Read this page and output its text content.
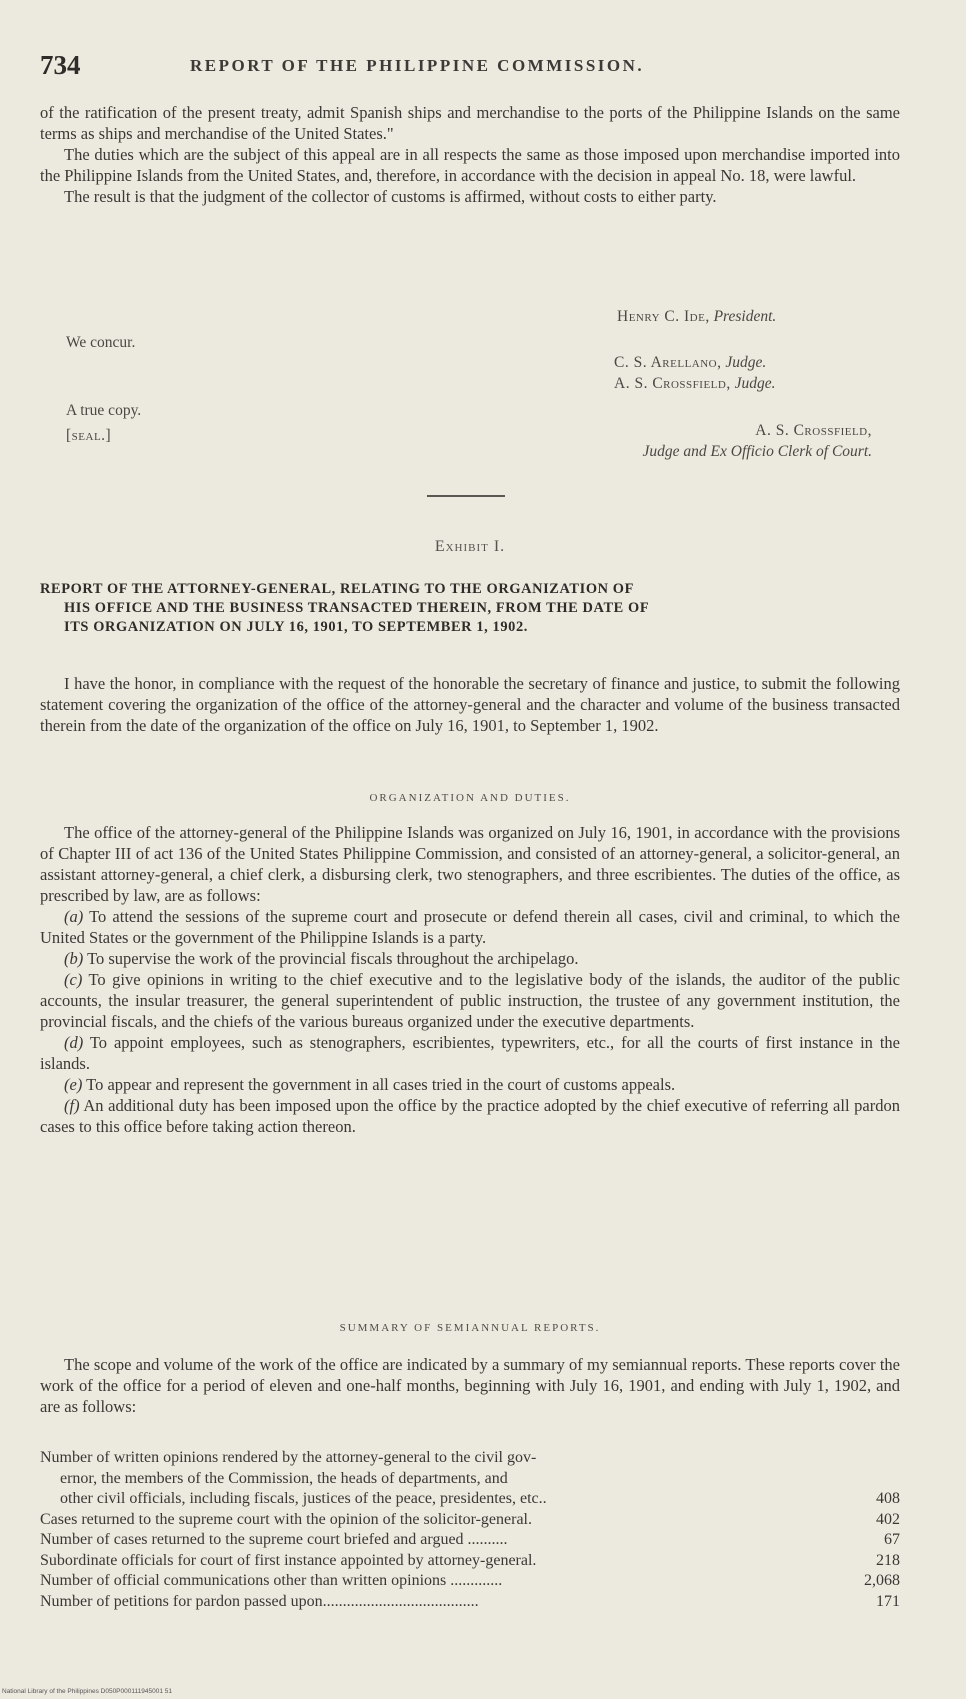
734	REPORT OF THE PHILIPPINE COMMISSION.

of the ratification of the present treaty, admit Spanish ships and merchandise to the ports of the Philippine Islands on the same terms as ships and merchandise of the United States."

The duties which are the subject of this appeal are in all respects the same as those imposed upon merchandise imported into the Philippine Islands from the United States, and, therefore, in accordance with the decision in appeal No. 18, were lawful.

The result is that the judgment of the collector of customs is affirmed, without costs to either party.

Henry C. Ide, President.
We concur.
C. S. Arellano, Judge.
A. S. Crossfield, Judge.
A true copy.
[seal.]	A. S. Crossfield,
Judge and Ex Officio Clerk of Court.
Exhibit I.
REPORT OF THE ATTORNEY-GENERAL, RELATING TO THE ORGANIZATION OF
HIS OFFICE AND THE BUSINESS TRANSACTED THEREIN, FROM THE DATE OF
ITS ORGANIZATION ON JULY 16, 1901, TO SEPTEMBER 1, 1902.

I have the honor, in compliance with the request of the honorable the secretary of finance and justice, to submit the following statement covering the organization of the office of the attorney-general and the character and volume of the business transacted therein from the date of the organization of the office on July 16, 1901, to September 1, 1902.

ORGANIZATION AND DUTIES.

The office of the attorney-general of the Philippine Islands was organized on July 16, 1901, in accordance with the provisions of Chapter III of act 136 of the United States Philippine Commission, and consisted of an attorney-general, a solicitor-general, an assistant attorney-general, a chief clerk, a disbursing clerk, two stenographers, and three escribientes. The duties of the office, as prescribed by law, are as follows:

(a) To attend the sessions of the supreme court and prosecute or defend therein all cases, civil and criminal, to which the United States or the government of the Philippine Islands is a party.

(b) To supervise the work of the provincial fiscals throughout the archipelago.

(c) To give opinions in writing to the chief executive and to the legislative body of the islands, the auditor of the public accounts, the insular treasurer, the general superintendent of public instruction, the trustee of any government institution, the provincial fiscals, and the chiefs of the various bureaus organized under the executive departments.

(d) To appoint employees, such as stenographers, escribientes, typewriters, etc., for all the courts of first instance in the islands.

(e) To appear and represent the government in all cases tried in the court of customs appeals.

(f) An additional duty has been imposed upon the office by the practice adopted by the chief executive of referring all pardon cases to this office before taking action thereon.

SUMMARY OF SEMIANNUAL REPORTS.

The scope and volume of the work of the office are indicated by a summary of my semiannual reports. These reports cover the work of the office for a period of eleven and one-half months, beginning with July 16, 1901, and ending with July 1, 1902, and are as follows:

Number of written opinions rendered by the attorney-general to the civil gov-
ernor, the members of the Commission, the heads of departments, and
other civil officials, including fiscals, justices of the peace, presidentes, etc..	408
Cases returned to the supreme court with the opinion of the solicitor-general.	402
Number of cases returned to the supreme court briefed and argued ..........	67
Subordinate officials for court of first instance appointed by attorney-general.	218
Number of official communications other than written opinions .............	2,068
Number of petitions for pardon passed upon.......................................	171
National Library of the Philippines D050P000111945001 51
